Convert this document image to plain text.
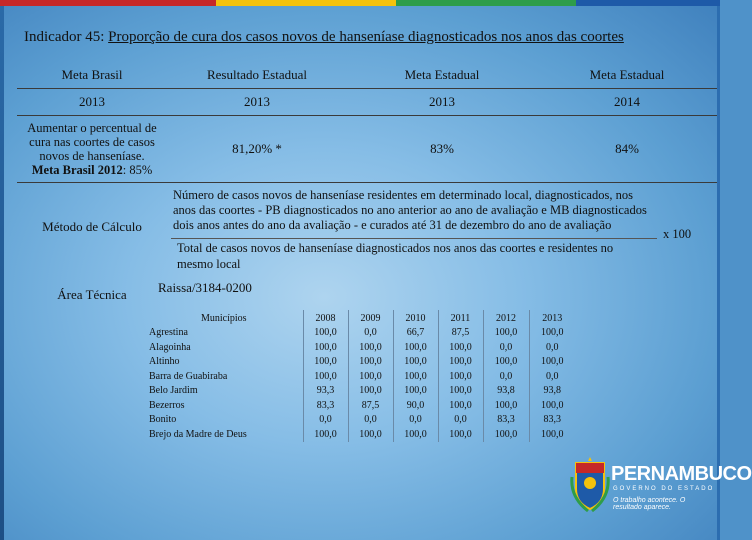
Indicador 45: Proporção de cura dos casos novos de hanseníase diagnosticados nos anos das coortes
Meta Brasil	Resultado Estadual	Meta Estadual	Meta Estadual
2013	2013	2013	2014
Aumentar o percentual de cura nas coortes de casos novos de hanseníase.
Meta Brasil 2012: 85%	81,20% *	83%	84%
Método de Cálculo	Número de casos novos de hanseníase residentes em determinado local, diagnosticados, nos anos das coortes - PB diagnosticados no ano anterior ao ano de avaliação e MB diagnosticados dois anos antes do ano da avaliação - e curados até 31 de dezembro do ano de avaliação
Total de casos novos de hanseníase diagnosticados nos anos das coortes e residentes no mesmo local
x 100		

Área Técnica			Raissa/3184-0200
Municípios	2008	2009	2010	2011	2012	2013
Agrestina	100,0	0,0	66,7	87,5	100,0	100,0
Alagoinha	100,0	100,0	100,0	100,0	0,0	0,0
Altinho	100,0	100,0	100,0	100,0	100,0	100,0
Barra de Guabiraba	100,0	100,0	100,0	100,0	0,0	0,0
Belo Jardim	93,3	100,0	100,0	100,0	93,8	93,8
Bezerros	83,3	87,5	90,0	100,0	100,0	100,0
Bonito	0,0	0,0	0,0	0,0	83,3	83,3
Brejo da Madre de Deus	100,0	100,0	100,0	100,0	100,0	100,0
PERNAMBUCO
GOVERNO DO ESTADO
O trabalho acontece. O resultado aparece.
